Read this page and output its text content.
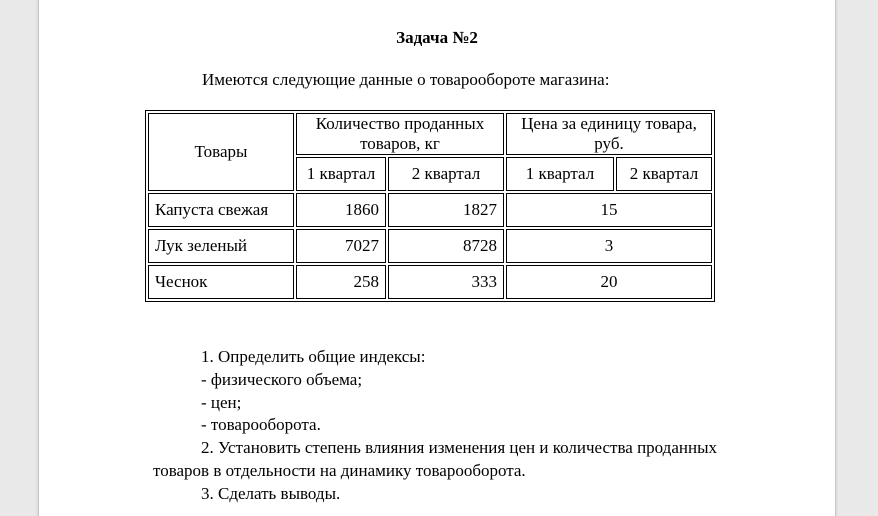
Задача №2
Имеются следующие данные о товарообороте магазина:
Товары	Количество проданных товаров, кг		Цена за единицу товара, руб.	
	1 квартал	2 квартал	1 квартал	2 квартал
Капуста свежая	1860	1827	15	
Лук зеленый	7027	8728	3	
Чеснок	258	333	20	

1. Определить общие индексы:

- физического объема;

- цен;

- товарооборота.

2. Установить степень влияния изменения цен и количества проданных

товаров в отдельности на динамику товарооборота.

3. Сделать выводы.
